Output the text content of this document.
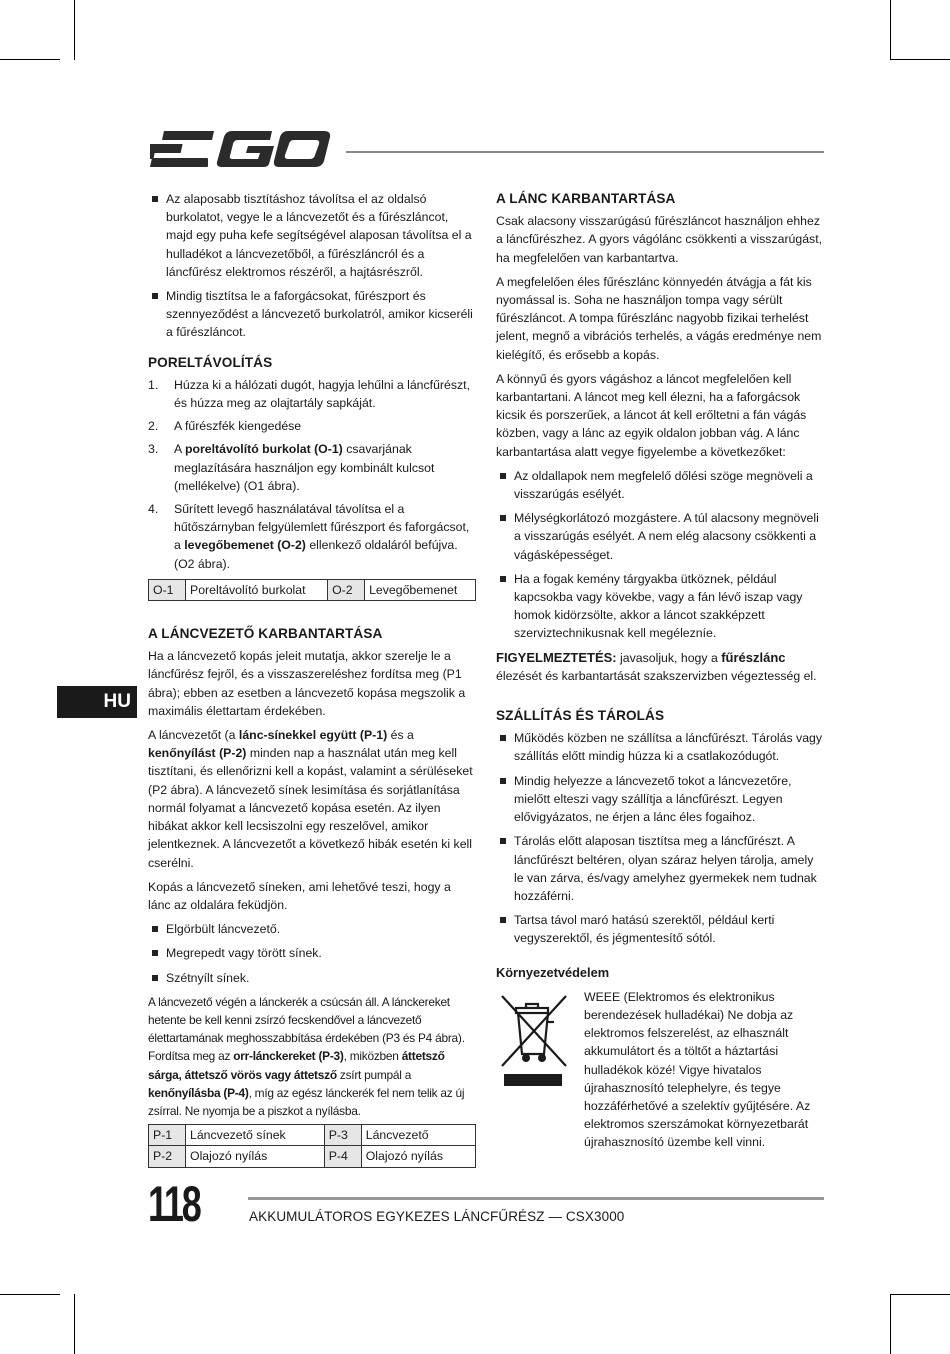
HU
Az alaposabb tisztításhoz távolítsa el az oldalsó burkolatot, vegye le a láncvezetőt és a fűrészláncot, majd egy puha kefe segítségével alaposan távolítsa el a hulladékot a láncvezetőből, a fűrészláncról és a láncfűrész elektromos részéről, a hajtásrészről.
Mindig tisztítsa le a faforgácsokat, fűrészport és szennyeződést a láncvezető burkolatról, amikor kicseréli a fűrészláncot.
PORELTÁVOLÍTÁS
1. Húzza ki a hálózati dugót, hagyja lehűlni a láncfűrészt, és húzza meg az olajtartály sapkáját.
2. A fűrészfék kiengedése
3. A poreltávolító burkolat (O-1) csavarjának meglazítására használjon egy kombinált kulcsot (mellékelve) (O1 ábra).
4. Sűrített levegő használatával távolítsa el a hűtőszárnyban felgyülemlett fűrészport és faforgácsot, a levegőbemenet (O-2) ellenkező oldaláról befújva. (O2 ábra).
O-1	Poreltávolító burkolat	O-2	Levegőbemenet
A LÁNCVEZETŐ KARBANTARTÁSA

Ha a láncvezető kopás jeleit mutatja, akkor szerelje le a láncfűrész fejről, és a visszaszereléshez fordítsa meg (P1 ábra); ebben az esetben a láncvezető kopása megszolik a maximális élettartam érdekében.

A láncvezetőt (a lánc-sínekkel együtt (P-1) és a kenőnyílást (P-2) minden nap a használat után meg kell tisztítani, és ellenőrizni kell a kopást, valamint a sérüléseket (P2 ábra). A láncvezető sínek lesimítása és sorjátlanítása normál folyamat a láncvezető kopása esetén. Az ilyen hibákat akkor kell lecsiszolni egy reszelővel, amikor jelentkeznek. A láncvezetőt a következő hibák esetén ki kell cserélni.

Kopás a láncvezető síneken, ami lehetővé teszi, hogy a lánc az oldalára feküdjön.

Elgörbült láncvezető.
Megrepedt vagy törött sínek.
Szétnyílt sínek.

A láncvezető végén a lánckerék a csúcsán áll. A lánckereket hetente be kell kenni zsírzó fecskendővel a láncvezető élettartamának meghosszabbítása érdekében (P3 és P4 ábra). Fordítsa meg az orr-lánckereket (P-3), miközben áttetsző sárga, áttetsző vörös vagy áttetsző zsírt pumpál a kenőnyílásba (P-4), míg az egész lánckerék fel nem telik az új zsírral. Ne nyomja be a piszkot a nyílásba.

P-1	Láncvezető sínek	P-3	Láncvezető
P-2	Olajozó nyílás	P-4	Olajozó nyílás
A LÁNC KARBANTARTÁSA

Csak alacsony visszarúgású fűrészláncot használjon ehhez a láncfűrészhez. A gyors vágólánc csökkenti a visszarúgást, ha megfelelően van karbantartva.

A megfelelően éles fűrészlánc könnyedén átvágja a fát kis nyomással is. Soha ne használjon tompa vagy sérült fűrészláncot. A tompa fűrészlánc nagyobb fizikai terhelést jelent, megnő a vibrációs terhelés, a vágás eredménye nem kielégítő, és erősebb a kopás.

A könnyű és gyors vágáshoz a láncot megfelelően kell karbantartani. A láncot meg kell élezni, ha a faforgácsok kicsik és porszerűek, a láncot át kell erőltetni a fán vágás közben, vagy a lánc az egyik oldalon jobban vág. A lánc karbantartása alatt vegye figyelembe a következőket:

Az oldallapok nem megfelelő dőlési szöge megnöveli a visszarúgás esélyét.
Mélységkorlátozó mozgástere. A túl alacsony megnöveli a visszarúgás esélyét. A nem elég alacsony csökkenti a vágásképességet.
Ha a fogak kemény tárgyakba ütköznek, például kapcsokba vagy kövekbe, vagy a fán lévő iszap vagy homok kidörzsölte, akkor a láncot szakképzett szerviztechnikusnak kell megélezníe.

FIGYELMEZTETÉS: javasoljuk, hogy a fűrészlánc élezését és karbantartását szakszervizben végeztesség el.

SZÁLLÍTÁS ÉS TÁROLÁS
Működés közben ne szállítsa a láncfűrészt. Tárolás vagy szállítás előtt mindig húzza ki a csatlakozódugót.
Mindig helyezze a láncvezető tokot a láncvezetőre, mielőtt elteszi vagy szállítja a láncfűrészt. Legyen elővigyázatos, ne érjen a lánc éles fogaihoz.
Tárolás előtt alaposan tisztítsa meg a láncfűrészt. A láncfűrészt beltéren, olyan száraz helyen tárolja, amely le van zárva, és/vagy amelyhez gyermekek nem tudnak hozzáférni.
Tartsa távol maró hatású szerektől, például kerti vegyszerektől, és jégmentesítő sótól.
Környezetvédelem
WEEE (Elektromos és elektronikus berendezések hulladékai) Ne dobja az elektromos felszerelést, az elhasznált akkumulátort és a töltőt a háztartási hulladékok közé! Vigye hivatalos újrahasznosító telephelyre, és tegye hozzáférhetővé a szelektív gyűjtésére. Az elektromos szerszámokat környezetbarát újrahasznosító üzembe kell vinni.
118	AKKUMULÁTOROS EGYKEZES LÁNCFŰRÉSZ — CSX3000
